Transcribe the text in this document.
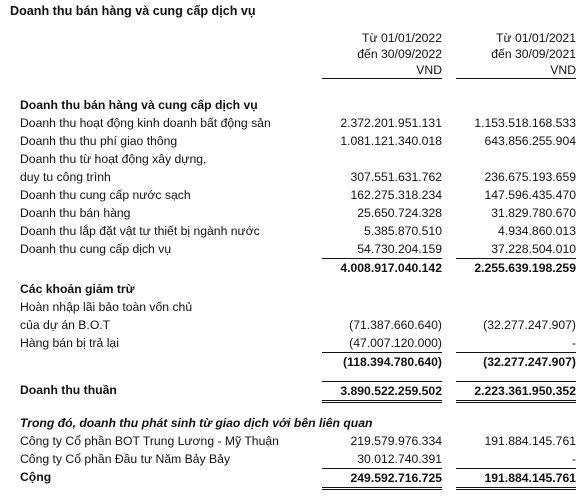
Doanh thu bán hàng và cung cấp dịch vụ
Từ 01/01/2022
đến 30/09/2022
VND
Từ 01/01/2021
đến 30/09/2021
VND
Doanh thu bán hàng và cung cấp dịch vụ
Doanh thu hoạt động kinh doanh bất động sản	2.372.201.951.131	1.153.518.168.533
Doanh thu thu phí giao thông	1.081.121.340.018	643.856.255.904
Doanh thu từ hoạt động xây dựng,
duy tu công trình	307.551.631.762	236.675.193.659
Doanh thu cung cấp nước sạch	162.275.318.234	147.596.435.470
Doanh thu bán hàng	25.650.724.328	31.829.780.670
Doanh thu lắp đặt vật tư thiết bị ngành nước	5.385.870.510	4.934.860.013
Doanh thu cung cấp dịch vụ	54.730.204.159	37.228.504.010
4.008.917.040.142	2.255.639.198.259
Các khoản giảm trừ
Hoàn nhập lãi bảo toàn vốn chủ
của dự án B.O.T	(71.387.660.640)	(32.277.247.907)
Hàng bán bị trả lại	(47.007.120.000)	-
(118.394.780.640)	(32.277.247.907)
Doanh thu thuần	3.890.522.259.502	2.223.361.950.352
Trong đó, doanh thu phát sinh từ giao dịch với bên liên quan
Công ty Cổ phần BOT Trung Lương - Mỹ Thuận	219.579.976.334	191.884.145.761
Công ty Cổ phần Đầu tư Năm Bảy Bảy	30.012.740.391	-
Cộng	249.592.716.725	191.884.145.761
